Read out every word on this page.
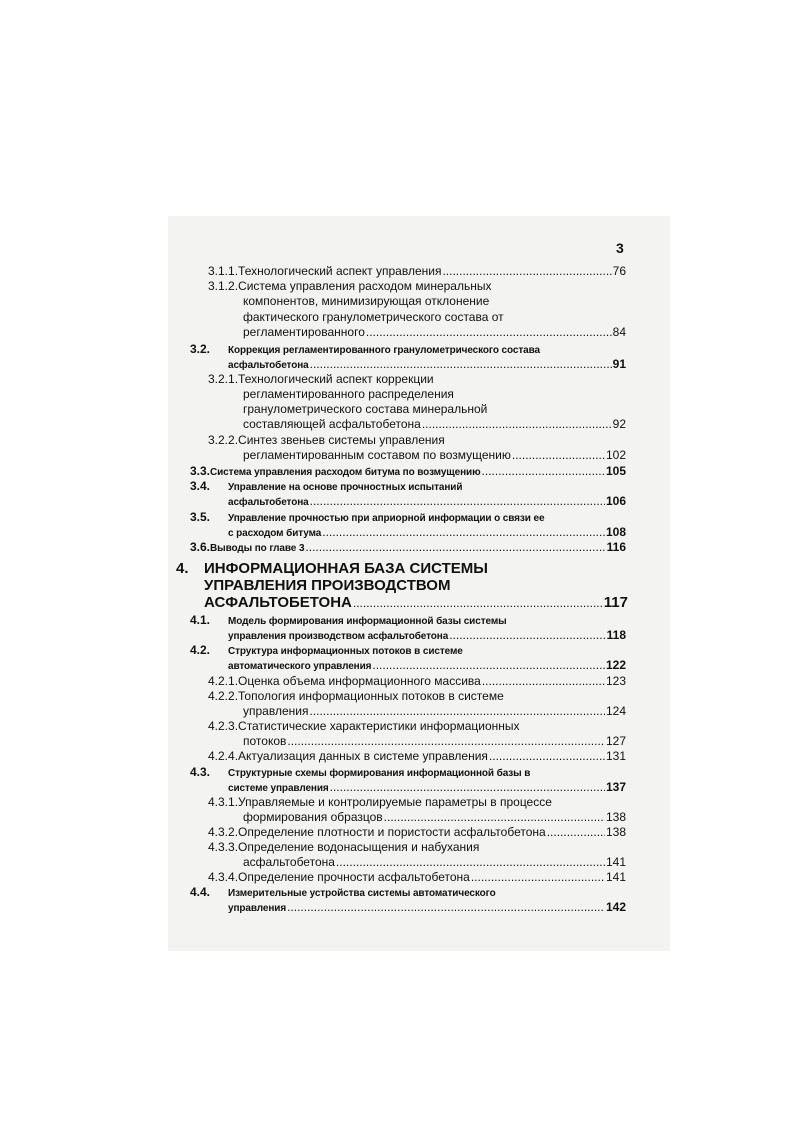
3
3.1.1. Технологический аспект управления .....	76
3.1.2. Система управления расходом минеральных
компонентов, минимизирующая отклонение
фактического гранулометрического состава от
регламентированного .....	84
3.2.	Коррекция регламентированного гранулометрического состава
асфальтобетона .....	91
3.2.1. Технологический аспект коррекции
регламентированного распределения
гранулометрического состава минеральной
составляющей асфальтобетона .....	92
3.2.2. Синтез звеньев системы управления
регламентированным составом по возмущению .....	102
3.3. Система управления расходом битума по возмущению .....	105
3.4.	Управление на основе прочностных испытаний
асфальтобетона .....	106
3.5.	Управление прочностью при априорной информации о связи ее
с расходом битума .....	108
3.6. Выводы по главе 3 .....	116
4.	ИНФОРМАЦИОННАЯ БАЗА СИСТЕМЫ
УПРАВЛЕНИЯ ПРОИЗВОДСТВОМ
АСФАЛЬТОБЕТОНА .....	117
4.1.	Модель формирования информационной базы системы
управления производством асфальтобетона .....	118
4.2.	Структура информационных потоков в системе
автоматического управления .....	122
4.2.1. Оценка объема информационного массива .....	123
4.2.2. Топология информационных потоков в системе
управления .....	124
4.2.3. Статистические характеристики информационных
потоков .....	127
4.2.4. Актуализация данных в системе управления .....	131
4.3.	Структурные схемы формирования информационной базы в
системе управления .....	137
4.3.1. Управляемые и контролируемые параметры в процессе
формирования образцов .....	138
4.3.2. Определение плотности и пористости асфальтобетона .....	138
4.3.3. Определение водонасыщения и набухания
асфальтобетона .....	141
4.3.4. Определение прочности асфальтобетона .....	141
4.4.	Измерительные устройства системы автоматического
управления .....	142
